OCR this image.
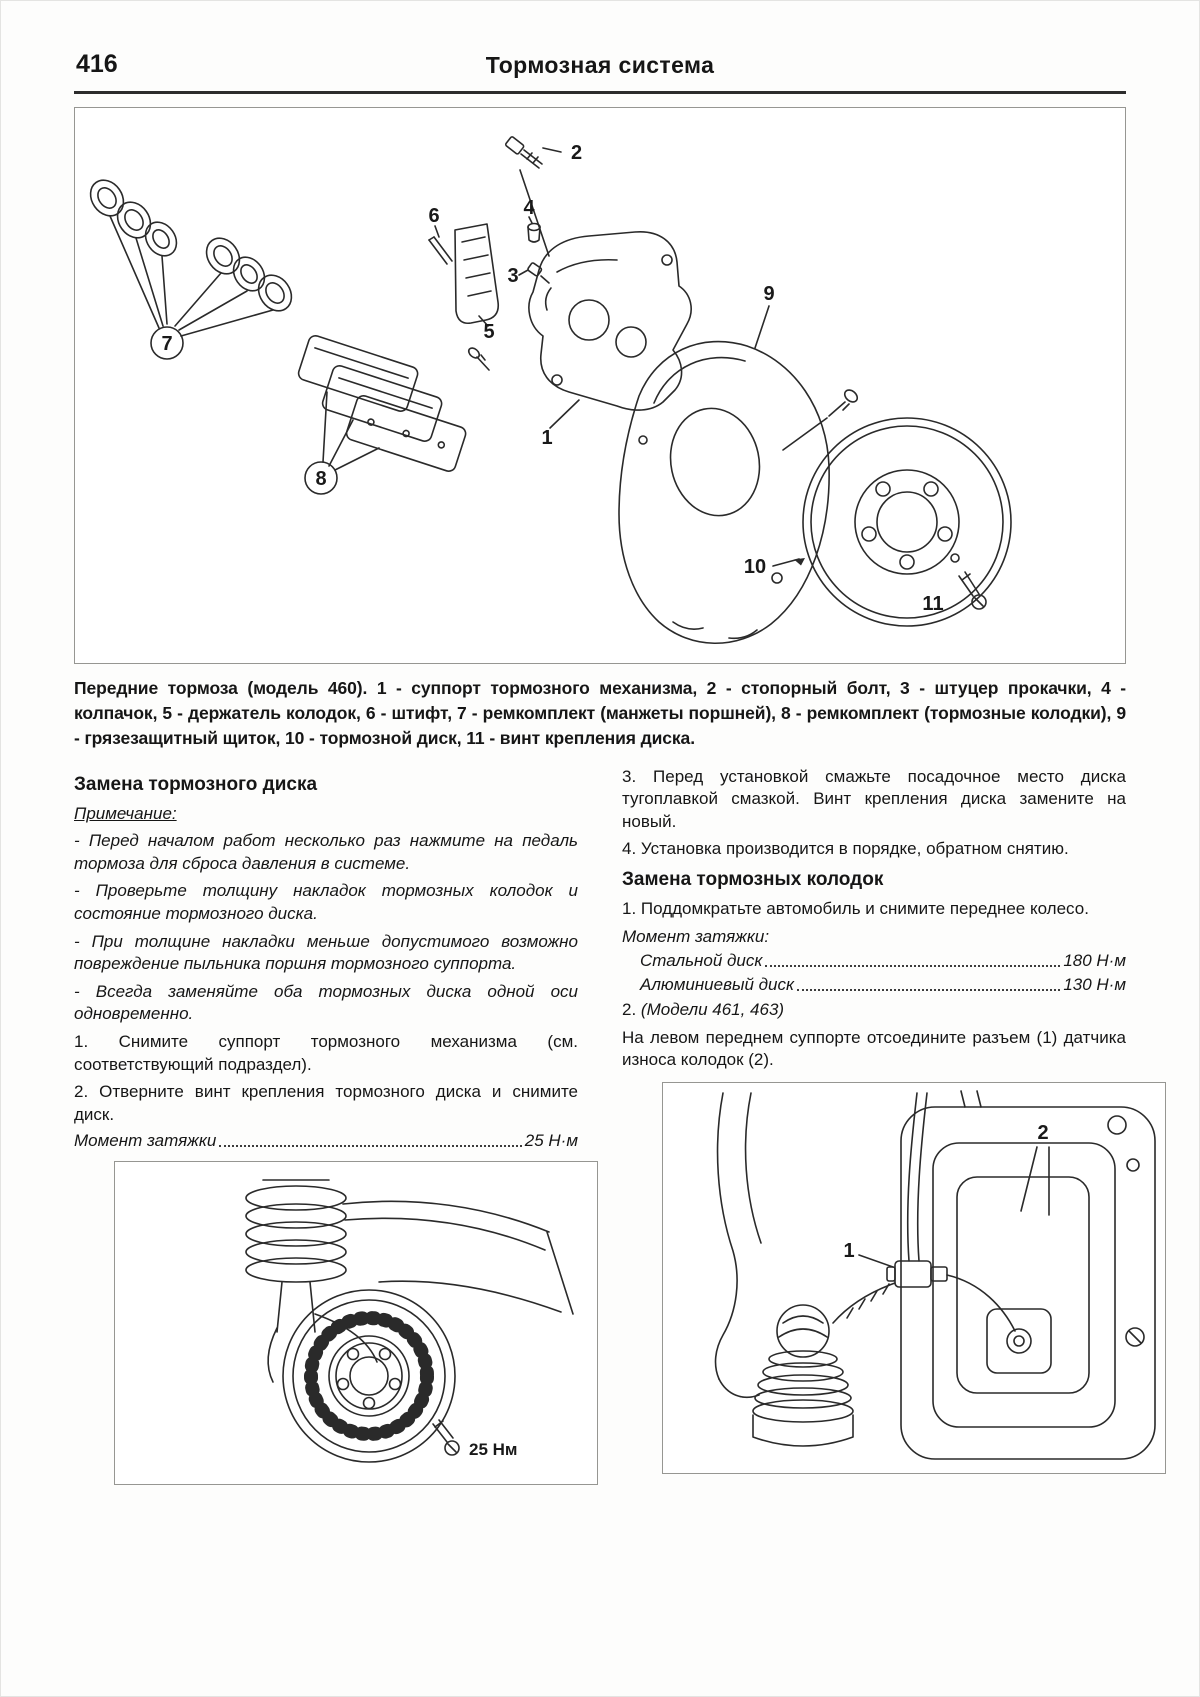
416	Тормозная система
7
8
6
5
1
2
4
3
9
10
11

Передние тормоза (модель 460). 1 - суппорт тормозного механизма, 2 - стопорный болт, 3 - штуцер прокачки, 4 - колпачок, 5 - держатель колодок, 6 - штифт, 7 - ремкомплект (манжеты поршней), 8 - ремкомплект (тормозные колодки), 9 - грязезащитный щиток, 10 - тормозной диск, 11 - винт крепления диска.

Замена тормозного диска

Примечание:

- Перед началом работ несколько раз нажмите на педаль тормоза для сброса давления в системе.

- Проверьте толщину накладок тормозных колодок и состояние тормозного диска.

- При толщине накладки меньше допустимого возможно повреждение пыльника поршня тормозного суппорта.

- Всегда заменяйте оба тормозных диска одной оси одновременно.

1. Снимите суппорт тормозного механизма (см. соответствующий подраздел).

2. Отверните винт крепления тормозного диска и снимите диск.

Момент затяжки	25 Н·м
25 Нм

3. Перед установкой смажьте посадочное место диска тугоплавкой смазкой. Винт крепления диска замените на новый.

4. Установка производится в порядке, обратном снятию.

Замена тормозных колодок

1. Поддомкратьте автомобиль и снимите переднее колесо.

Момент затяжки:

Стальной диск	180 Н·м
Алюминиевый диск	130 Н·м

2. (Модели 461, 463)

На левом переднем суппорте отсоедините разъем (1) датчика износа колодок (2).

2
1
